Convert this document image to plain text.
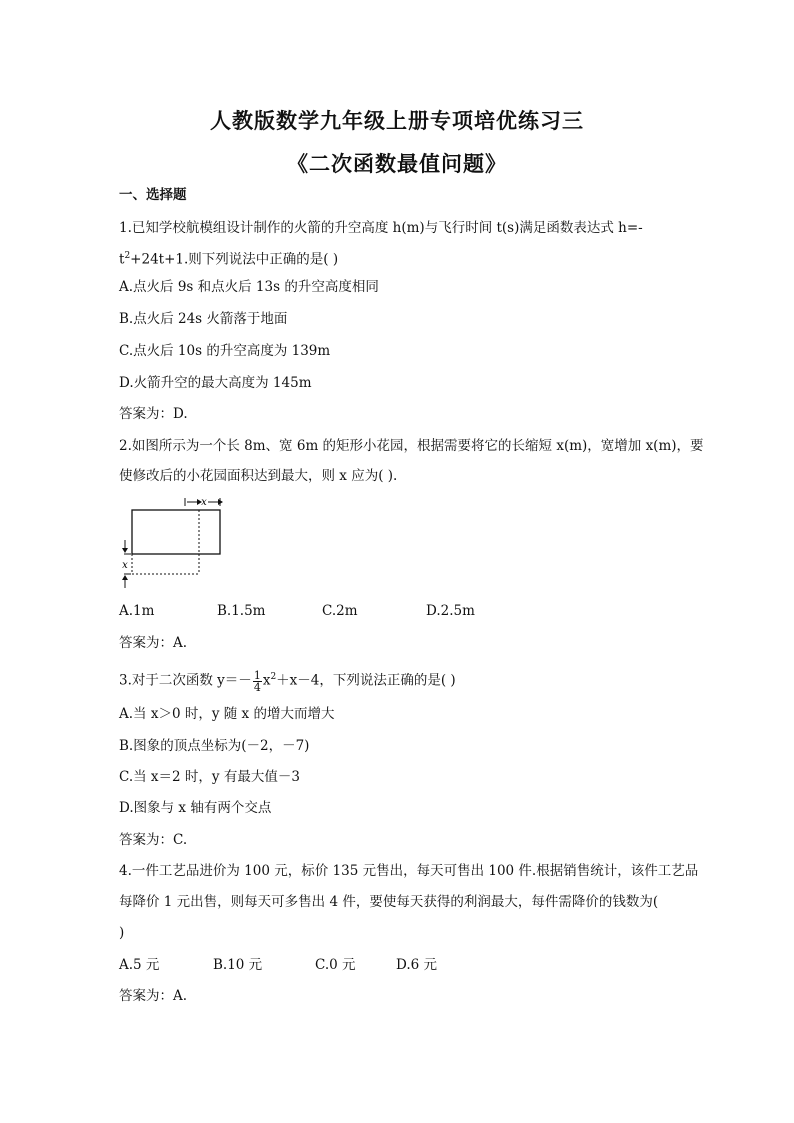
人教版数学九年级上册专项培优练习三
《二次函数最值问题》
一、选择题
1.已知学校航模组设计制作的火箭的升空高度 h(m)与飞行时间 t(s)满足函数表达式 h=-
$t^2+24t+1$.则下列说法中正确的是( )
A.点火后 9s 和点火后 13s 的升空高度相同
B.点火后 24s 火箭落于地面
C.点火后 10s 的升空高度为 139m
D.火箭升空的最大高度为 145m
答案为：D.
2.如图所示为一个长 8m、宽 6m 的矩形小花园，根据需要将它的长缩短 x(m)，宽增加 x(m)，要
使修改后的小花园面积达到最大，则 x 应为( ).
x
x
A.1m	B.1.5m	C.2m	D.2.5m
答案为：A.
3.对于二次函数 $y=- \frac{1}{4} x^2+x-4$，下列说法正确的是( )
A.当 x＞0 时，y 随 x 的增大而增大
B.图象的顶点坐标为(－2，－7)
C.当 x＝2 时，y 有最大值－3
D.图象与 x 轴有两个交点
答案为：C.
4.一件工艺品进价为 100 元，标价 135 元售出，每天可售出 100 件.根据销售统计，该件工艺品
每降价 1 元出售，则每天可多售出 4 件，要使每天获得的利润最大，每件需降价的钱数为(
)
A.5 元	B.10 元	C.0 元	D.6 元
答案为：A.
